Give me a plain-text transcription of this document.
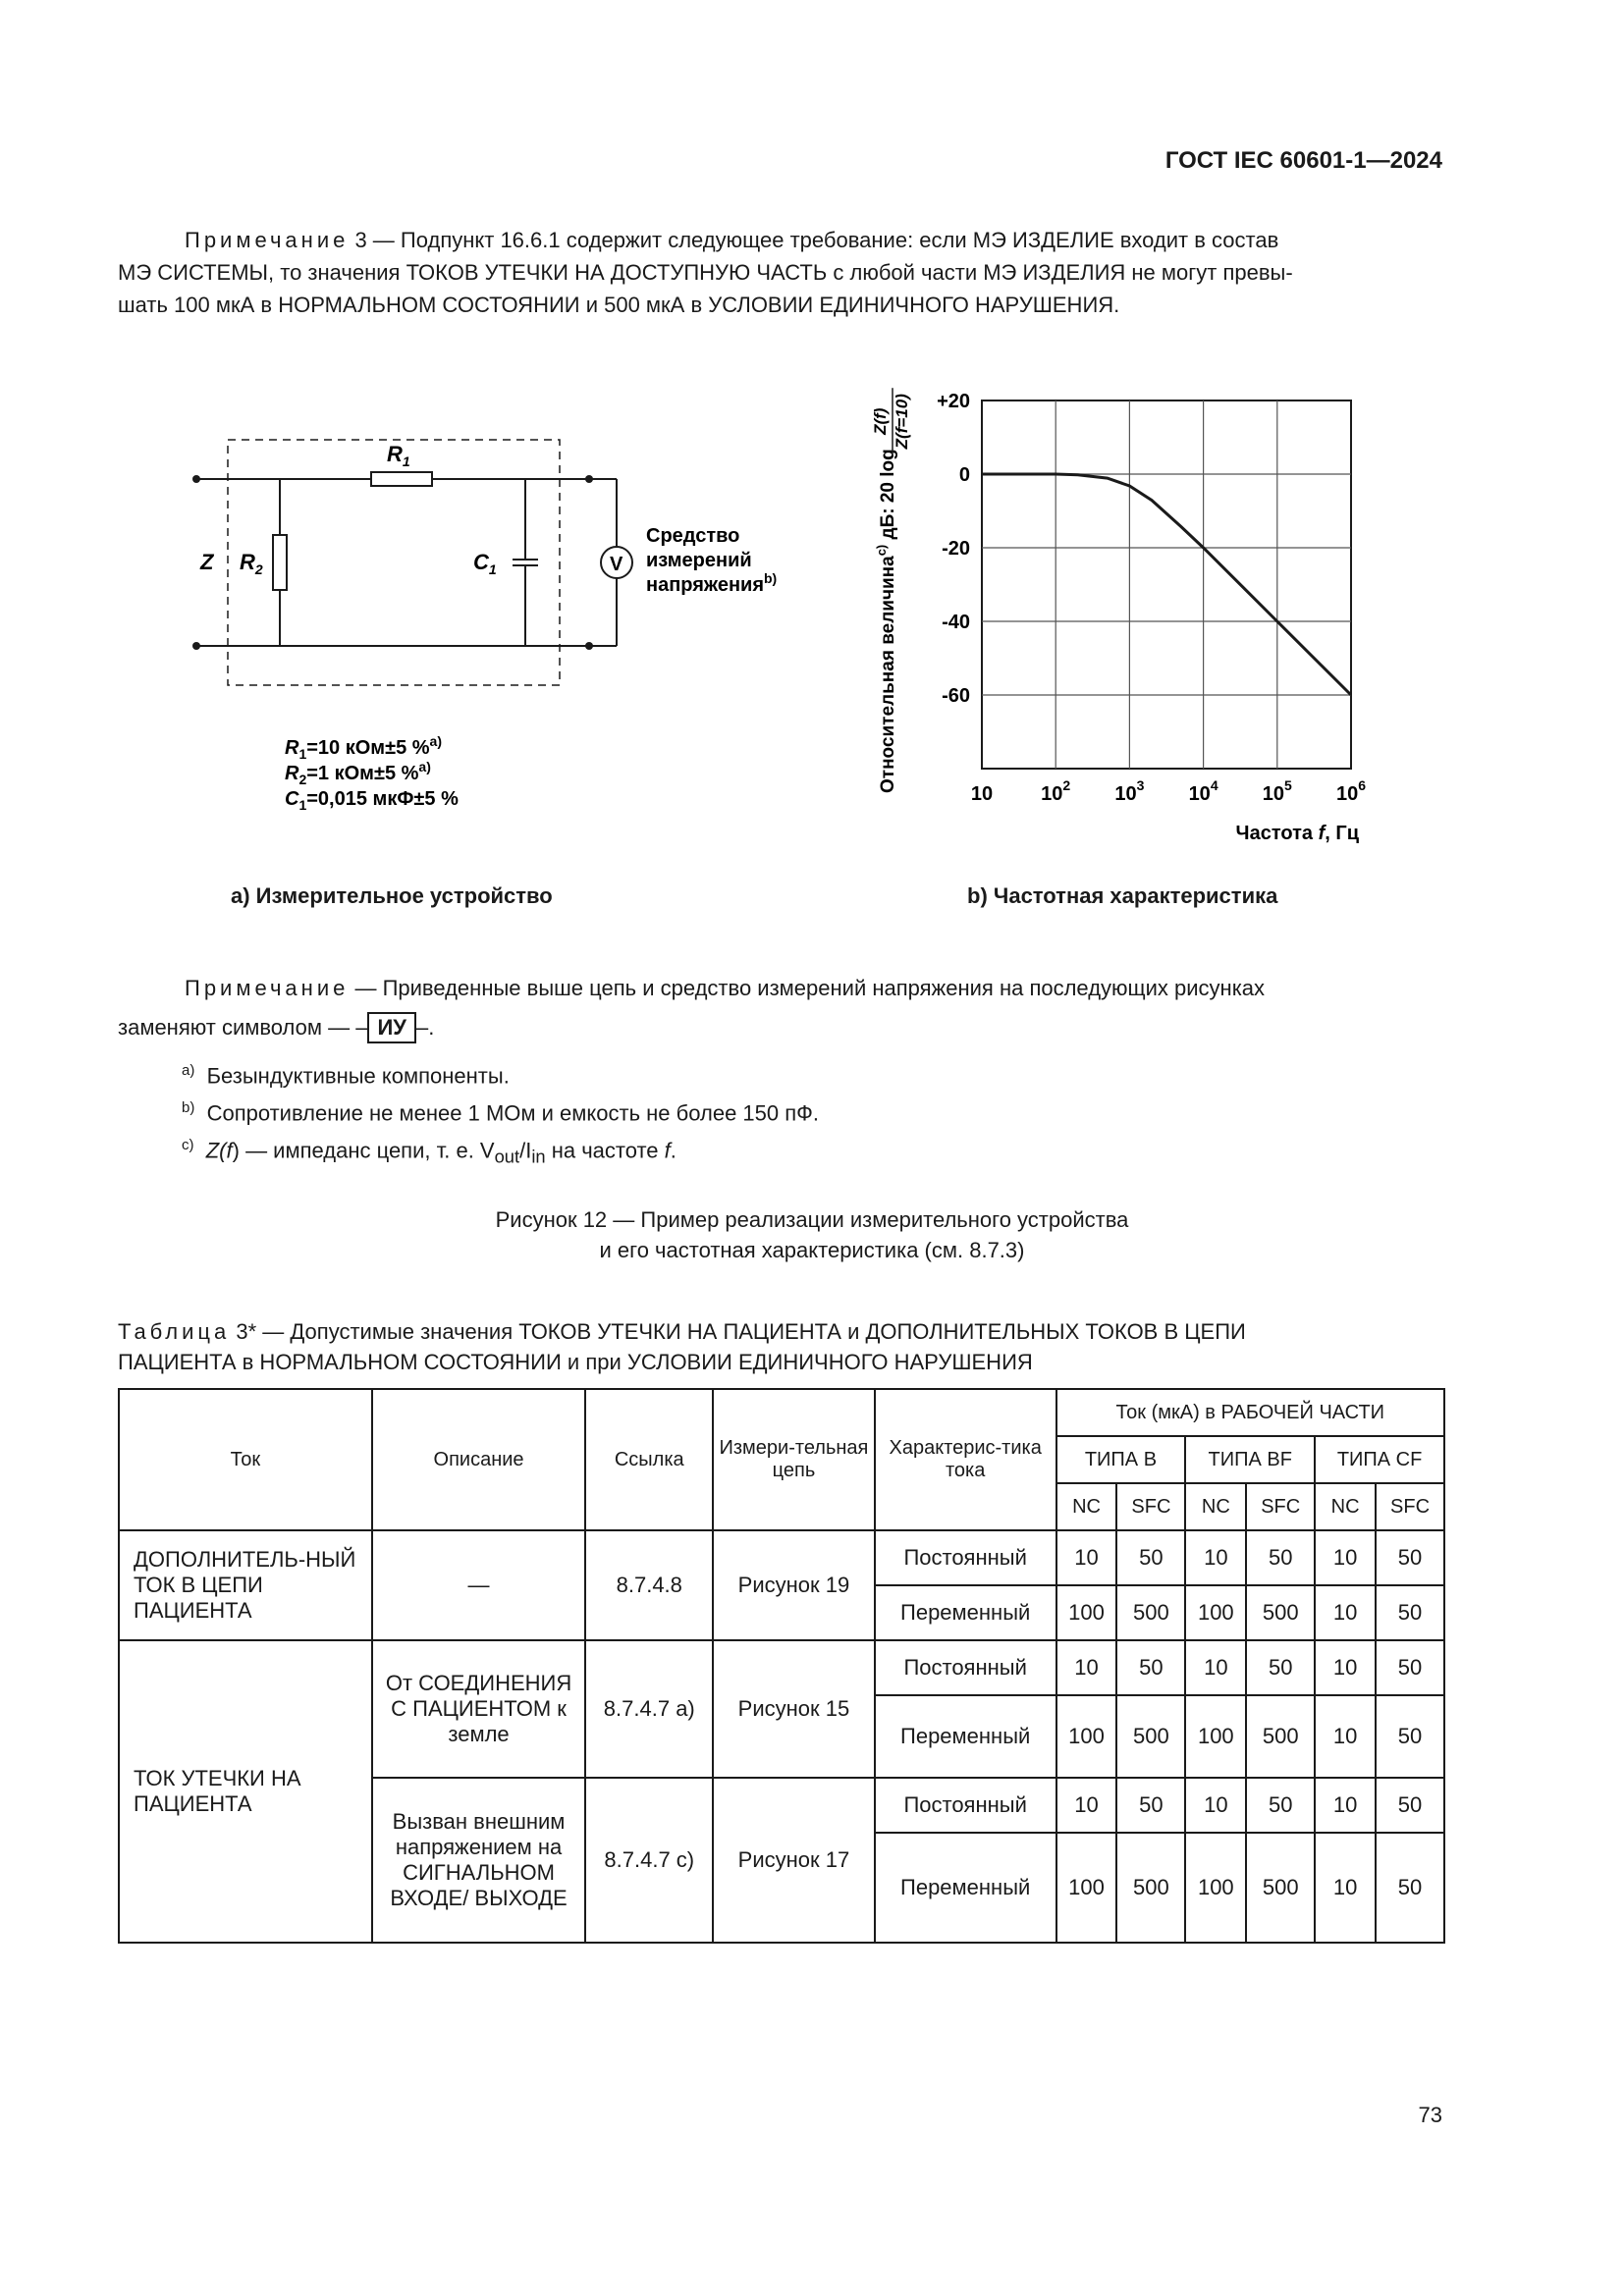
ГОСТ IEC 60601-1—2024
Примечание 3 — Подпункт 16.6.1 содержит следующее требование: если МЭ ИЗДЕЛИЕ входит в состав
МЭ СИСТЕМЫ, то значения ТОКОВ УТЕЧКИ НА ДОСТУПНУЮ ЧАСТЬ с любой части МЭ ИЗДЕЛИЯ не могут превы-
шать 100 мкА в НОРМАЛЬНОМ СОСТОЯНИИ и 500 мкА в УСЛОВИИ ЕДИНИЧНОГО НАРУШЕНИЯ.
$R_1$
$R_2$
Z	$C_1$	V
Средство
измерений
напряжения$^{b)}$
$R_1=10$ кОм±5 %$^{a)}$
$R_2=1$ кОм±5 %$^{a)}$
$C_1=0,015$ мкФ±5 %
a) Измерительное устройство
+20
0
-20
-40
-60
10 $10^2$ $10^3$ $10^4$ $10^5$ $10^6$
Частота f, Гц
Относительная величина$^{c)}$ дБ: 20 log
Z(f) Z(f=10)
b) Частотная характеристика
Примечание — Приведенные выше цепь и средство измерений напряжения на последующих рисунках
заменяют символом — – ИУ –.
$^{a)}$ Безындуктивные компоненты.
$^{b)}$ Сопротивление не менее 1 МОм и емкость не более 150 пФ.
$^{c)}$ Z(f) — импеданс цепи, т. е. $V_{out}/I_{in}$ на частоте f.
Рисунок 12 — Пример реализации измерительного устройства
и его частотная характеристика (см. 8.7.3)
Таблица 3* — Допустимые значения ТОКОВ УТЕЧКИ НА ПАЦИЕНТА и ДОПОЛНИТЕЛЬНЫХ ТОКОВ В ЦЕПИ
ПАЦИЕНТА в НОРМАЛЬНОМ СОСТОЯНИИ и при УСЛОВИИ ЕДИНИЧНОГО НАРУШЕНИЯ
Ток	Описание	Ссылка	Измери-тельная цепь	Характерис-тика тока	Ток (мкА) в РАБОЧЕЙ ЧАСТИ					
					ТИПА B		ТИПА BF		ТИПА CF	
					NC	SFC	NC	SFC	NC	SFC
ДОПОЛНИТЕЛЬ-НЫЙ ТОК В ЦЕПИ ПАЦИЕНТА	—	8.7.4.8	Рисунок 19	Постоянный	10	50	10	50	10	50
				Переменный	100	500	100	500	10	50
ТОК УТЕЧКИ НА ПАЦИЕНТА	От СОЕДИНЕНИЯ С ПАЦИЕНТОМ к земле	8.7.4.7 a)	Рисунок 15	Постоянный	10	50	10	50	10	50
				Переменный	100	500	100	500	10	50
	Вызван внешним напряжением на СИГНАЛЬНОМ ВХОДЕ/ ВЫХОДЕ	8.7.4.7 c)	Рисунок 17	Постоянный	10	50	10	50	10	50
				Переменный	100	500	100	500	10	50
73
